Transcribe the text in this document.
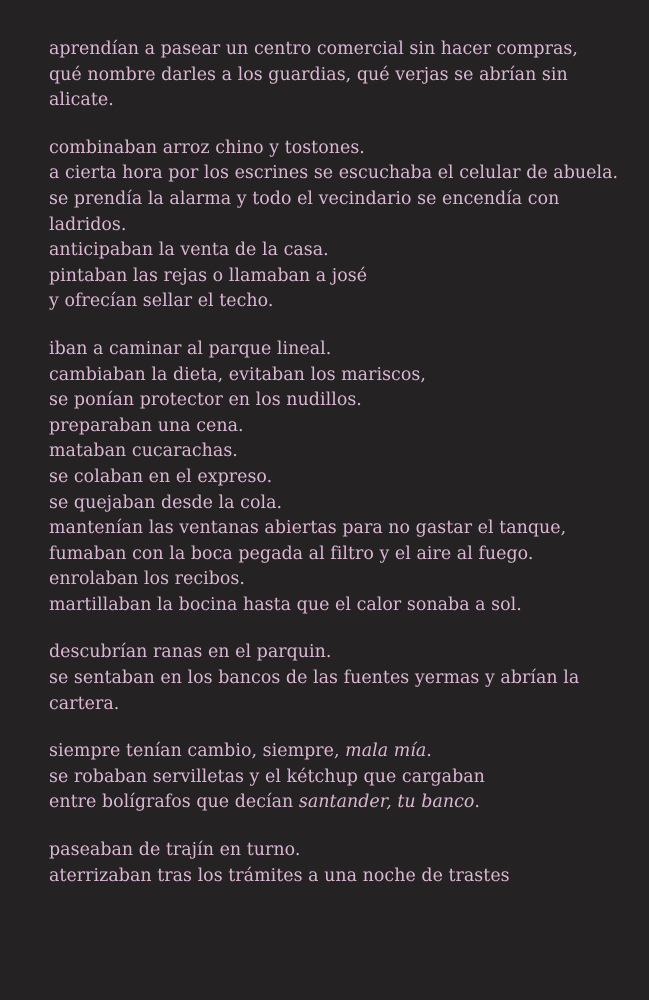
aprendían a pasear un centro comercial sin hacer compras,
qué nombre darles a los guardias, qué verjas se abrían sin
alicate.
combinaban arroz chino y tostones.
a cierta hora por los escrines se escuchaba el celular de abuela.
se prendía la alarma y todo el vecindario se encendía con
ladridos.
anticipaban la venta de la casa.
pintaban las rejas o llamaban a josé
y ofrecían sellar el techo.
iban a caminar al parque lineal.
cambiaban la dieta, evitaban los mariscos,
se ponían protector en los nudillos.
preparaban una cena.
mataban cucarachas.
se colaban en el expreso.
se quejaban desde la cola.
mantenían las ventanas abiertas para no gastar el tanque,
fumaban con la boca pegada al filtro y el aire al fuego.
enrolaban los recibos.
martillaban la bocina hasta que el calor sonaba a sol.
descubrían ranas en el parquin.
se sentaban en los bancos de las fuentes yermas y abrían la
cartera.
siempre tenían cambio, siempre, mala mía.
se robaban servilletas y el kétchup que cargaban
entre bolígrafos que decían santander, tu banco.
paseaban de trajín en turno.
aterrizaban tras los trámites a una noche de trastes
